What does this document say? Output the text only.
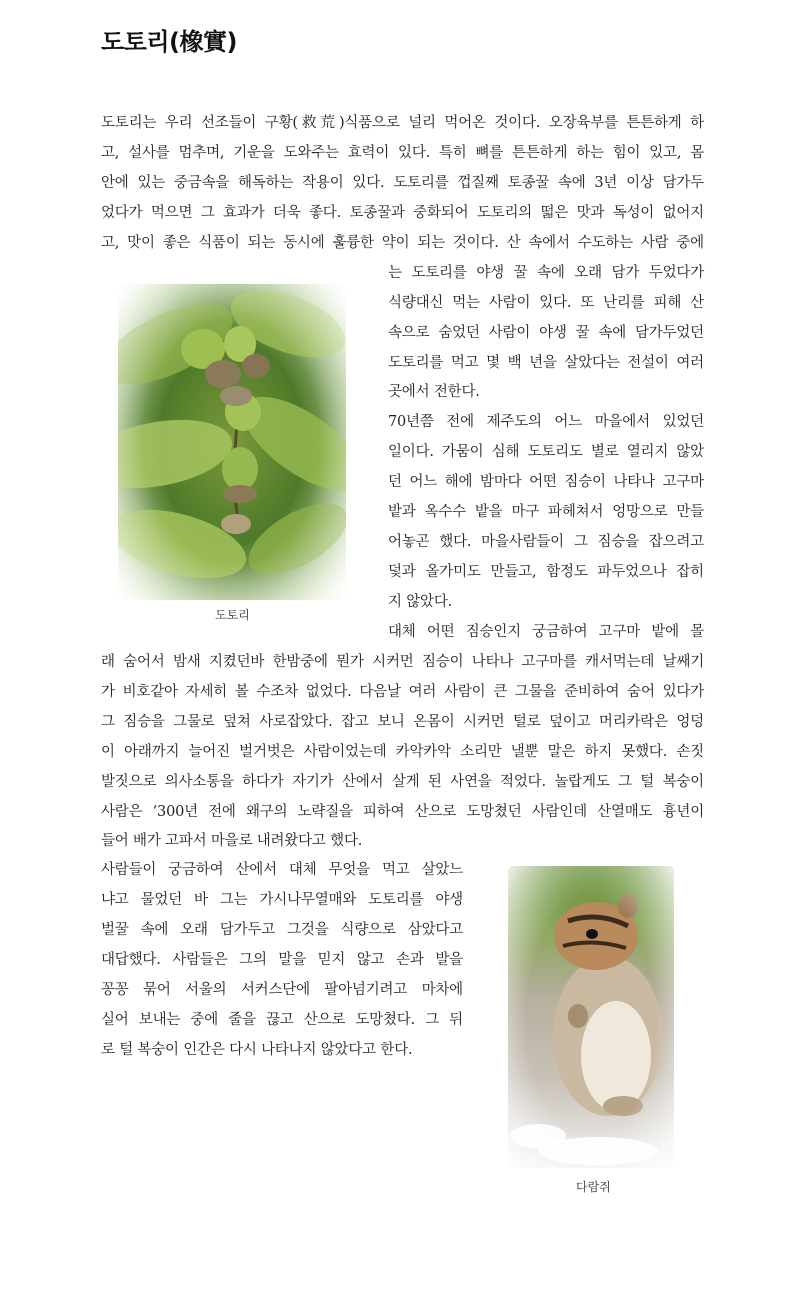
도토리(橡實)
도토리는 우리 선조들이 구황(救荒)식품으로 널리 먹어온 것이다. 오장육부를 튼튼하게 하
고, 설사를 멈추며, 기운을 도와주는 효력이 있다. 특히 뼈를 튼튼하게 하는 힘이 있고, 몸
안에 있는 중금속을 해독하는 작용이 있다. 도토리를 껍질째 토종꿀 속에 3년 이상 담가두
었다가 먹으면 그 효과가 더욱 좋다. 토종꿀과 중화되어 도토리의 떫은 맛과 독성이 없어지
고, 맛이 좋은 식품이 되는 동시에 훌륭한 약이 되는 것이다. 산 속에서 수도하는 사람 중에
는 도토리를 야생 꿀 속에 오래 담가 두었다가
식량대신 먹는 사람이 있다. 또 난리를 피해 산
속으로 숨었던 사람이 야생 꿀 속에 담가두었던
도토리를 먹고 몇 백 년을 살았다는 전설이 여러
곳에서 전한다.
도토리
70년쯤 전에 제주도의 어느 마을에서 있었던
일이다. 가뭄이 심해 도토리도 별로 열리지 않았
던 어느 해에 밤마다 어떤 짐승이 나타나 고구마
밭과 옥수수 밭을 마구 파헤쳐서 엉망으로 만들
어놓곤 했다. 마을사람들이 그 짐승을 잡으려고
덫과 올가미도 만들고, 함정도 파두었으나 잡히
지 않았다.
대체 어떤 짐승인지 궁금하여 고구마 밭에 몰
래 숨어서 밤새 지켰던바 한밤중에 뭔가 시커먼 짐승이 나타나 고구마를 캐서먹는데 날쌔기
가 비호같아 자세히 볼 수조차 없었다. 다음날 여러 사람이 큰 그물을 준비하여 숨어 있다가
그 짐승을 그물로 덮쳐 사로잡았다. 잡고 보니 온몸이 시커먼 털로 덮이고 머리카락은 엉덩
이 아래까지 늘어진 벌거벗은 사람이었는데 카악카악 소리만 낼뿐 말은 하지 못했다. 손짓
발짓으로 의사소통을 하다가 자기가 산에서 살게 된 사연을 적었다. 놀랍게도 그 털 복숭이
사람은 ‘300년 전에 왜구의 노략질을 피하여 산으로 도망쳤던 사람인데 산열매도 흉년이
들어 배가 고파서 마을로 내려왔다고 했다.
사람들이 궁금하여 산에서 대체 무엇을 먹고 살았느
냐고 물었던 바 그는 가시나무열매와 도토리를 야생
벌꿀 속에 오래 담가두고 그것을 식량으로 삼았다고
대답했다. 사람들은 그의 말을 믿지 않고 손과 발을
꽁꽁 묶어 서울의 서커스단에 팔아넘기려고 마차에
실어 보내는 중에 줄을 끊고 산으로 도망쳤다. 그 뒤
로 털 복숭이 인간은 다시 나타나지 않았다고 한다.
다람쥐
